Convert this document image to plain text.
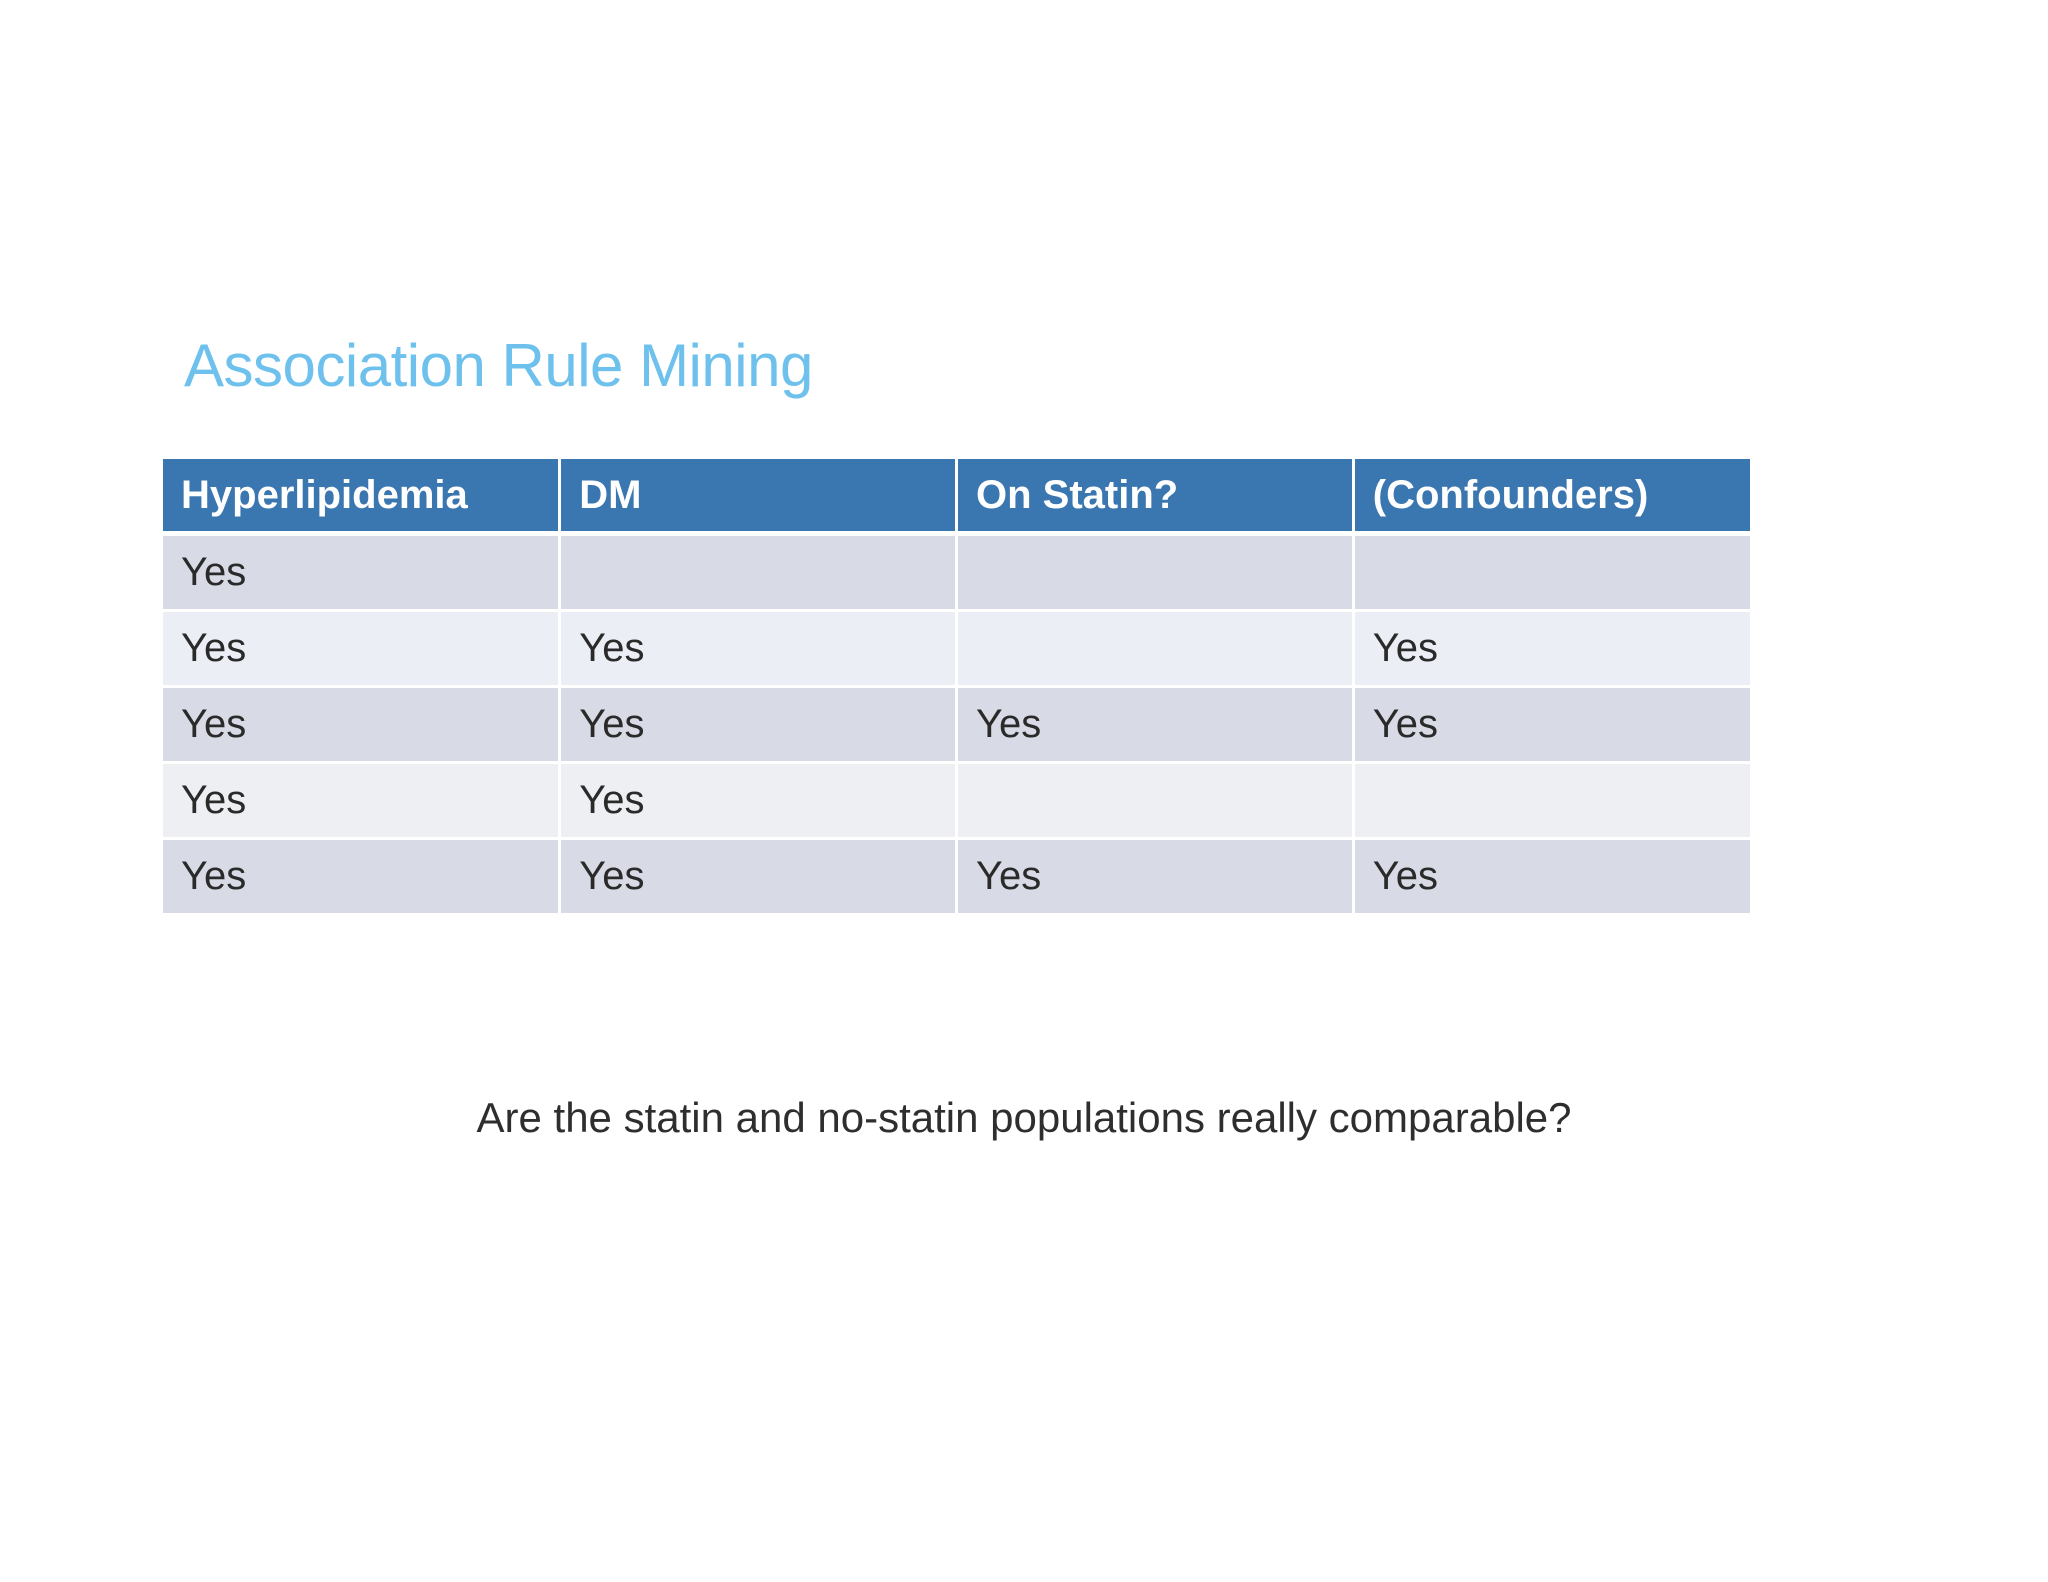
Association Rule Mining
Hyperlipidemia	DM	On Statin?	(Confounders)
Yes			
Yes	Yes		Yes
Yes	Yes	Yes	Yes
Yes	Yes		
Yes	Yes	Yes	Yes

Are the statin and no-statin populations really comparable?
